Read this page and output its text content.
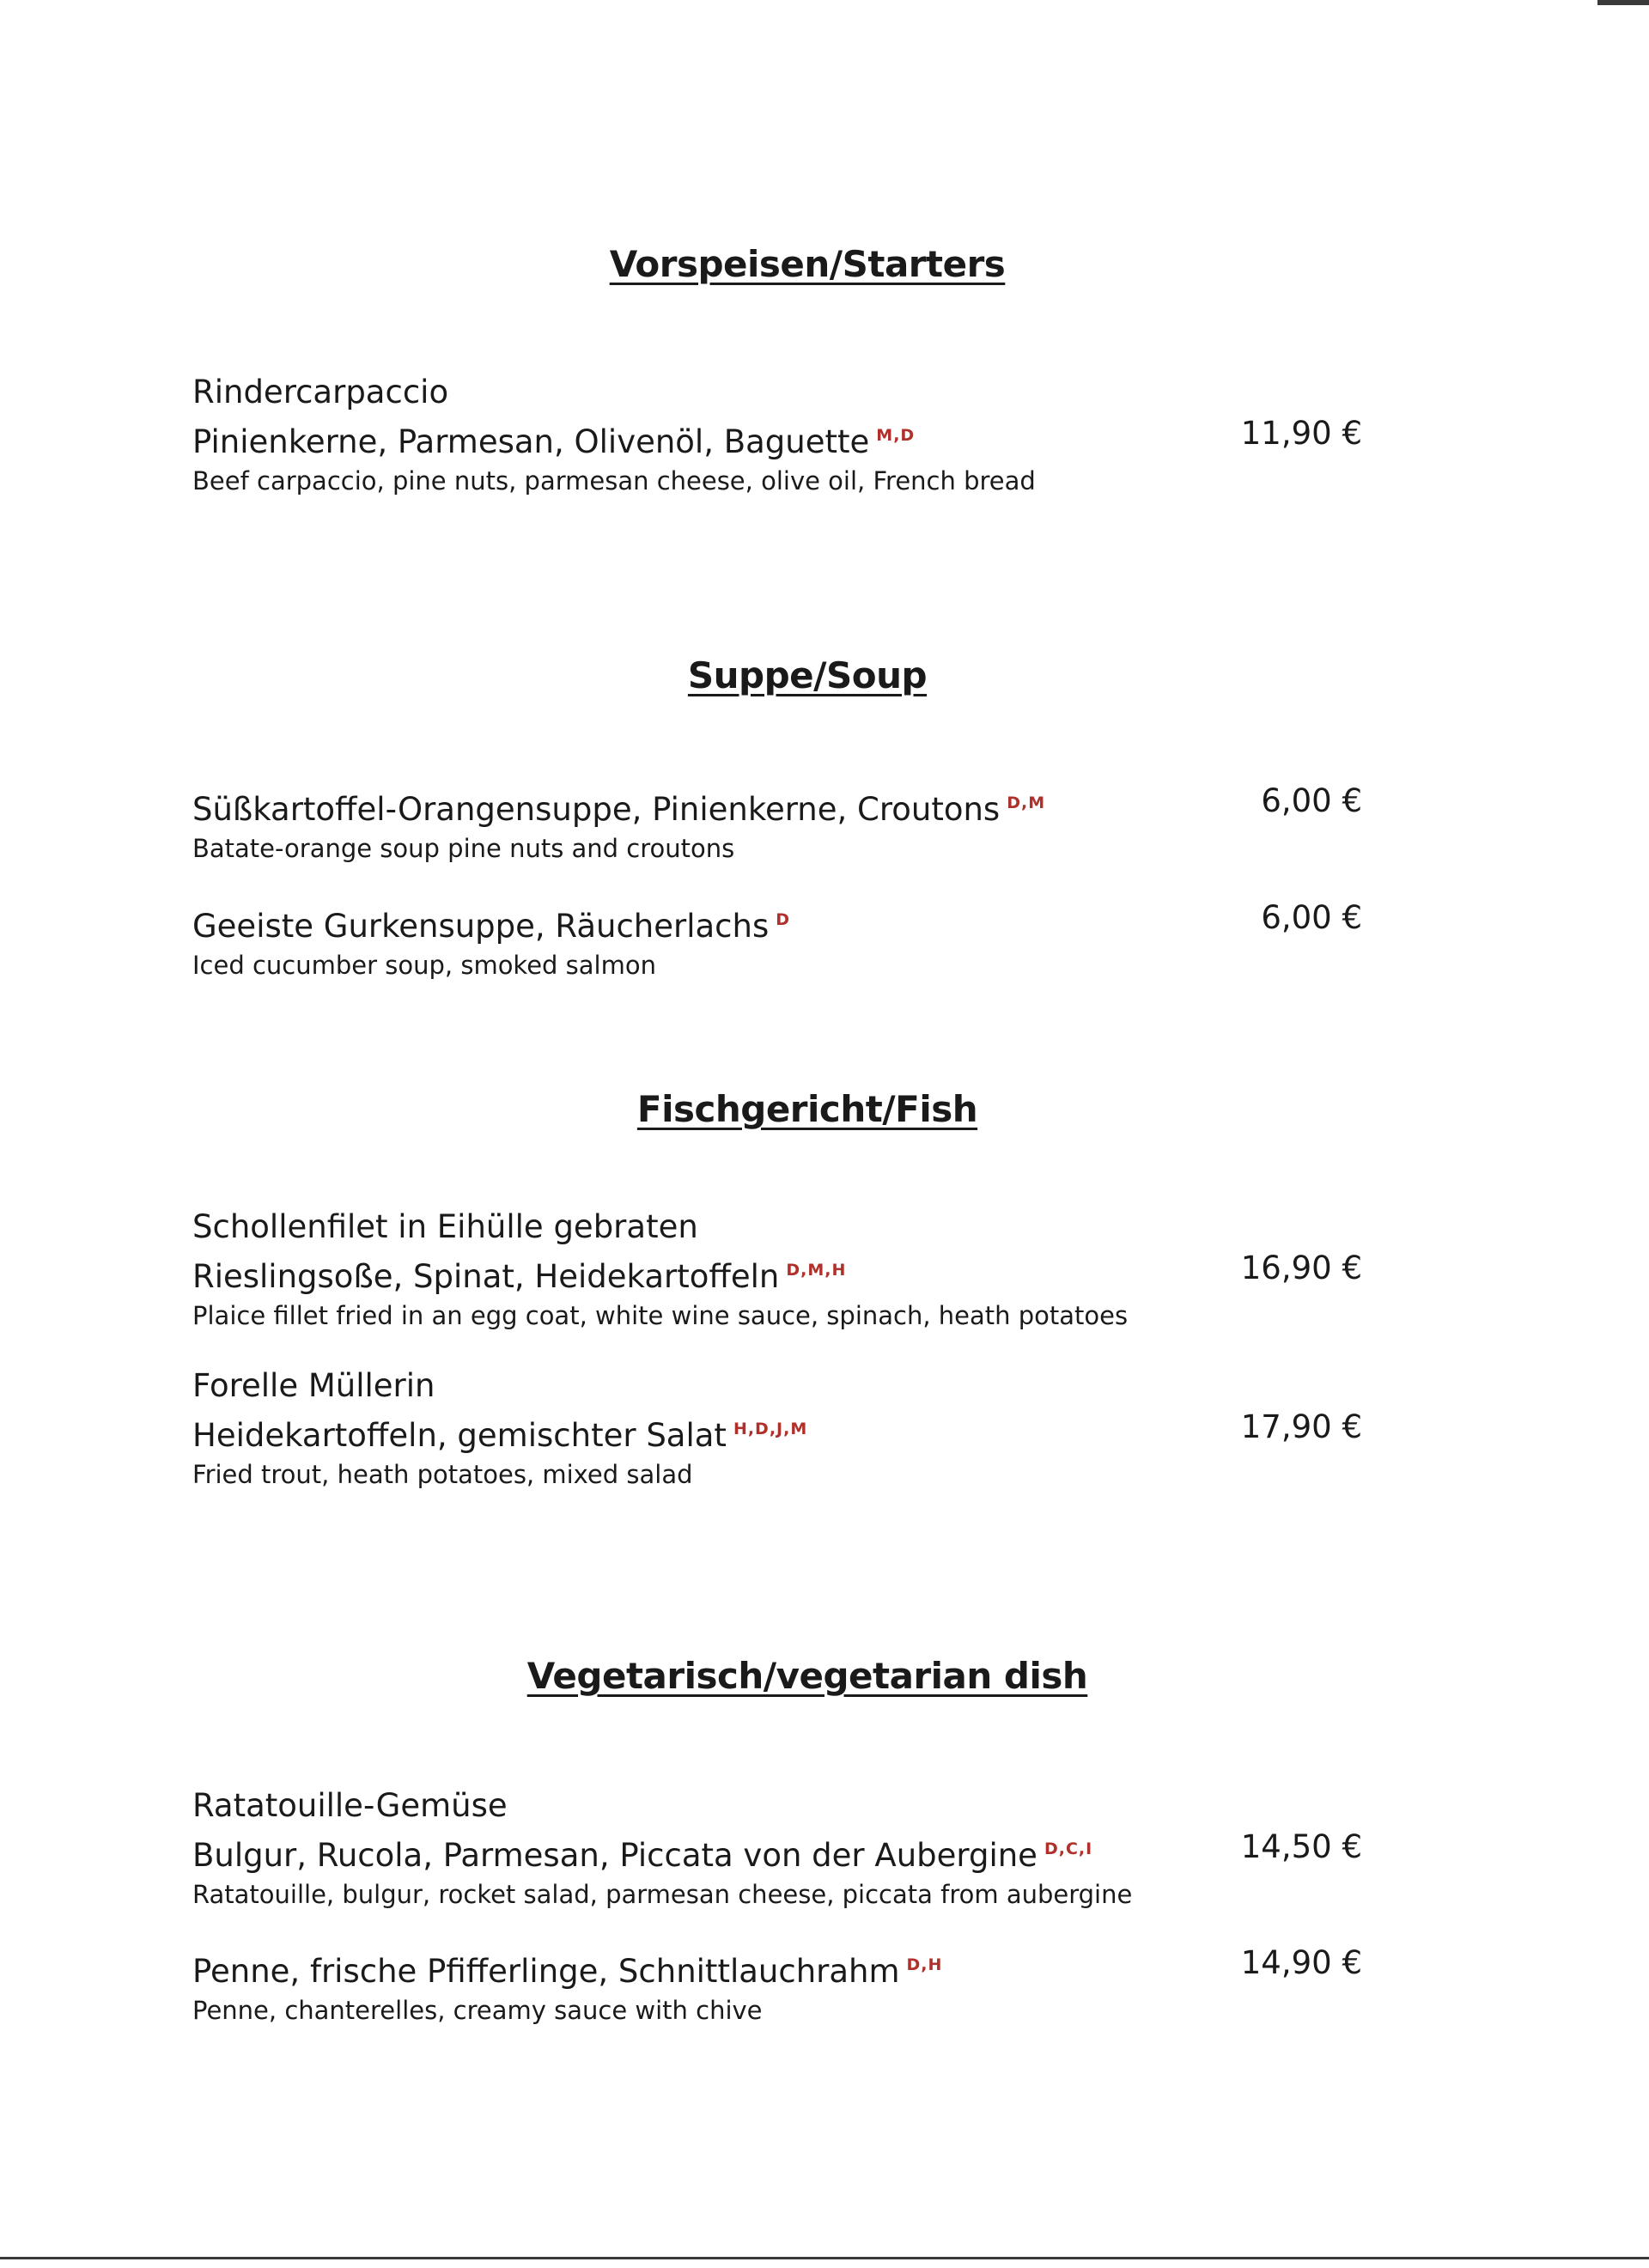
Vorspeisen/Starters
Rindercarpaccio
Pinienkerne, Parmesan, Olivenöl, Baguette $^{M,D}$
Beef carpaccio, pine nuts, parmesan cheese, olive oil, French bread
11,90 €
Suppe/Soup
Süßkartoffel-Orangensuppe, Pinienkerne, Croutons $^{D,M}$
Batate-orange soup pine nuts and croutons
6,00 €
Geeiste Gurkensuppe, Räucherlachs $^D$
Iced cucumber soup, smoked salmon
6,00 €
Fischgericht/Fish
Schollenfilet in Eihülle gebraten
Rieslingsoße, Spinat, Heidekartoffeln $^{D,M,H}$
Plaice fillet fried in an egg coat, white wine sauce, spinach, heath potatoes
16,90 €
Forelle Müllerin
Heidekartoffeln, gemischter Salat $^{H,D,J,M}$
Fried trout, heath potatoes, mixed salad
17,90 €
Vegetarisch/vegetarian dish
Ratatouille-Gemüse
Bulgur, Rucola, Parmesan, Piccata von der Aubergine $^{D,C,I}$
Ratatouille, bulgur, rocket salad, parmesan cheese, piccata from aubergine
14,50 €
Penne, frische Pfifferlinge, Schnittlauchrahm $^{D,H}$
Penne, chanterelles, creamy sauce with chive
14,90 €
